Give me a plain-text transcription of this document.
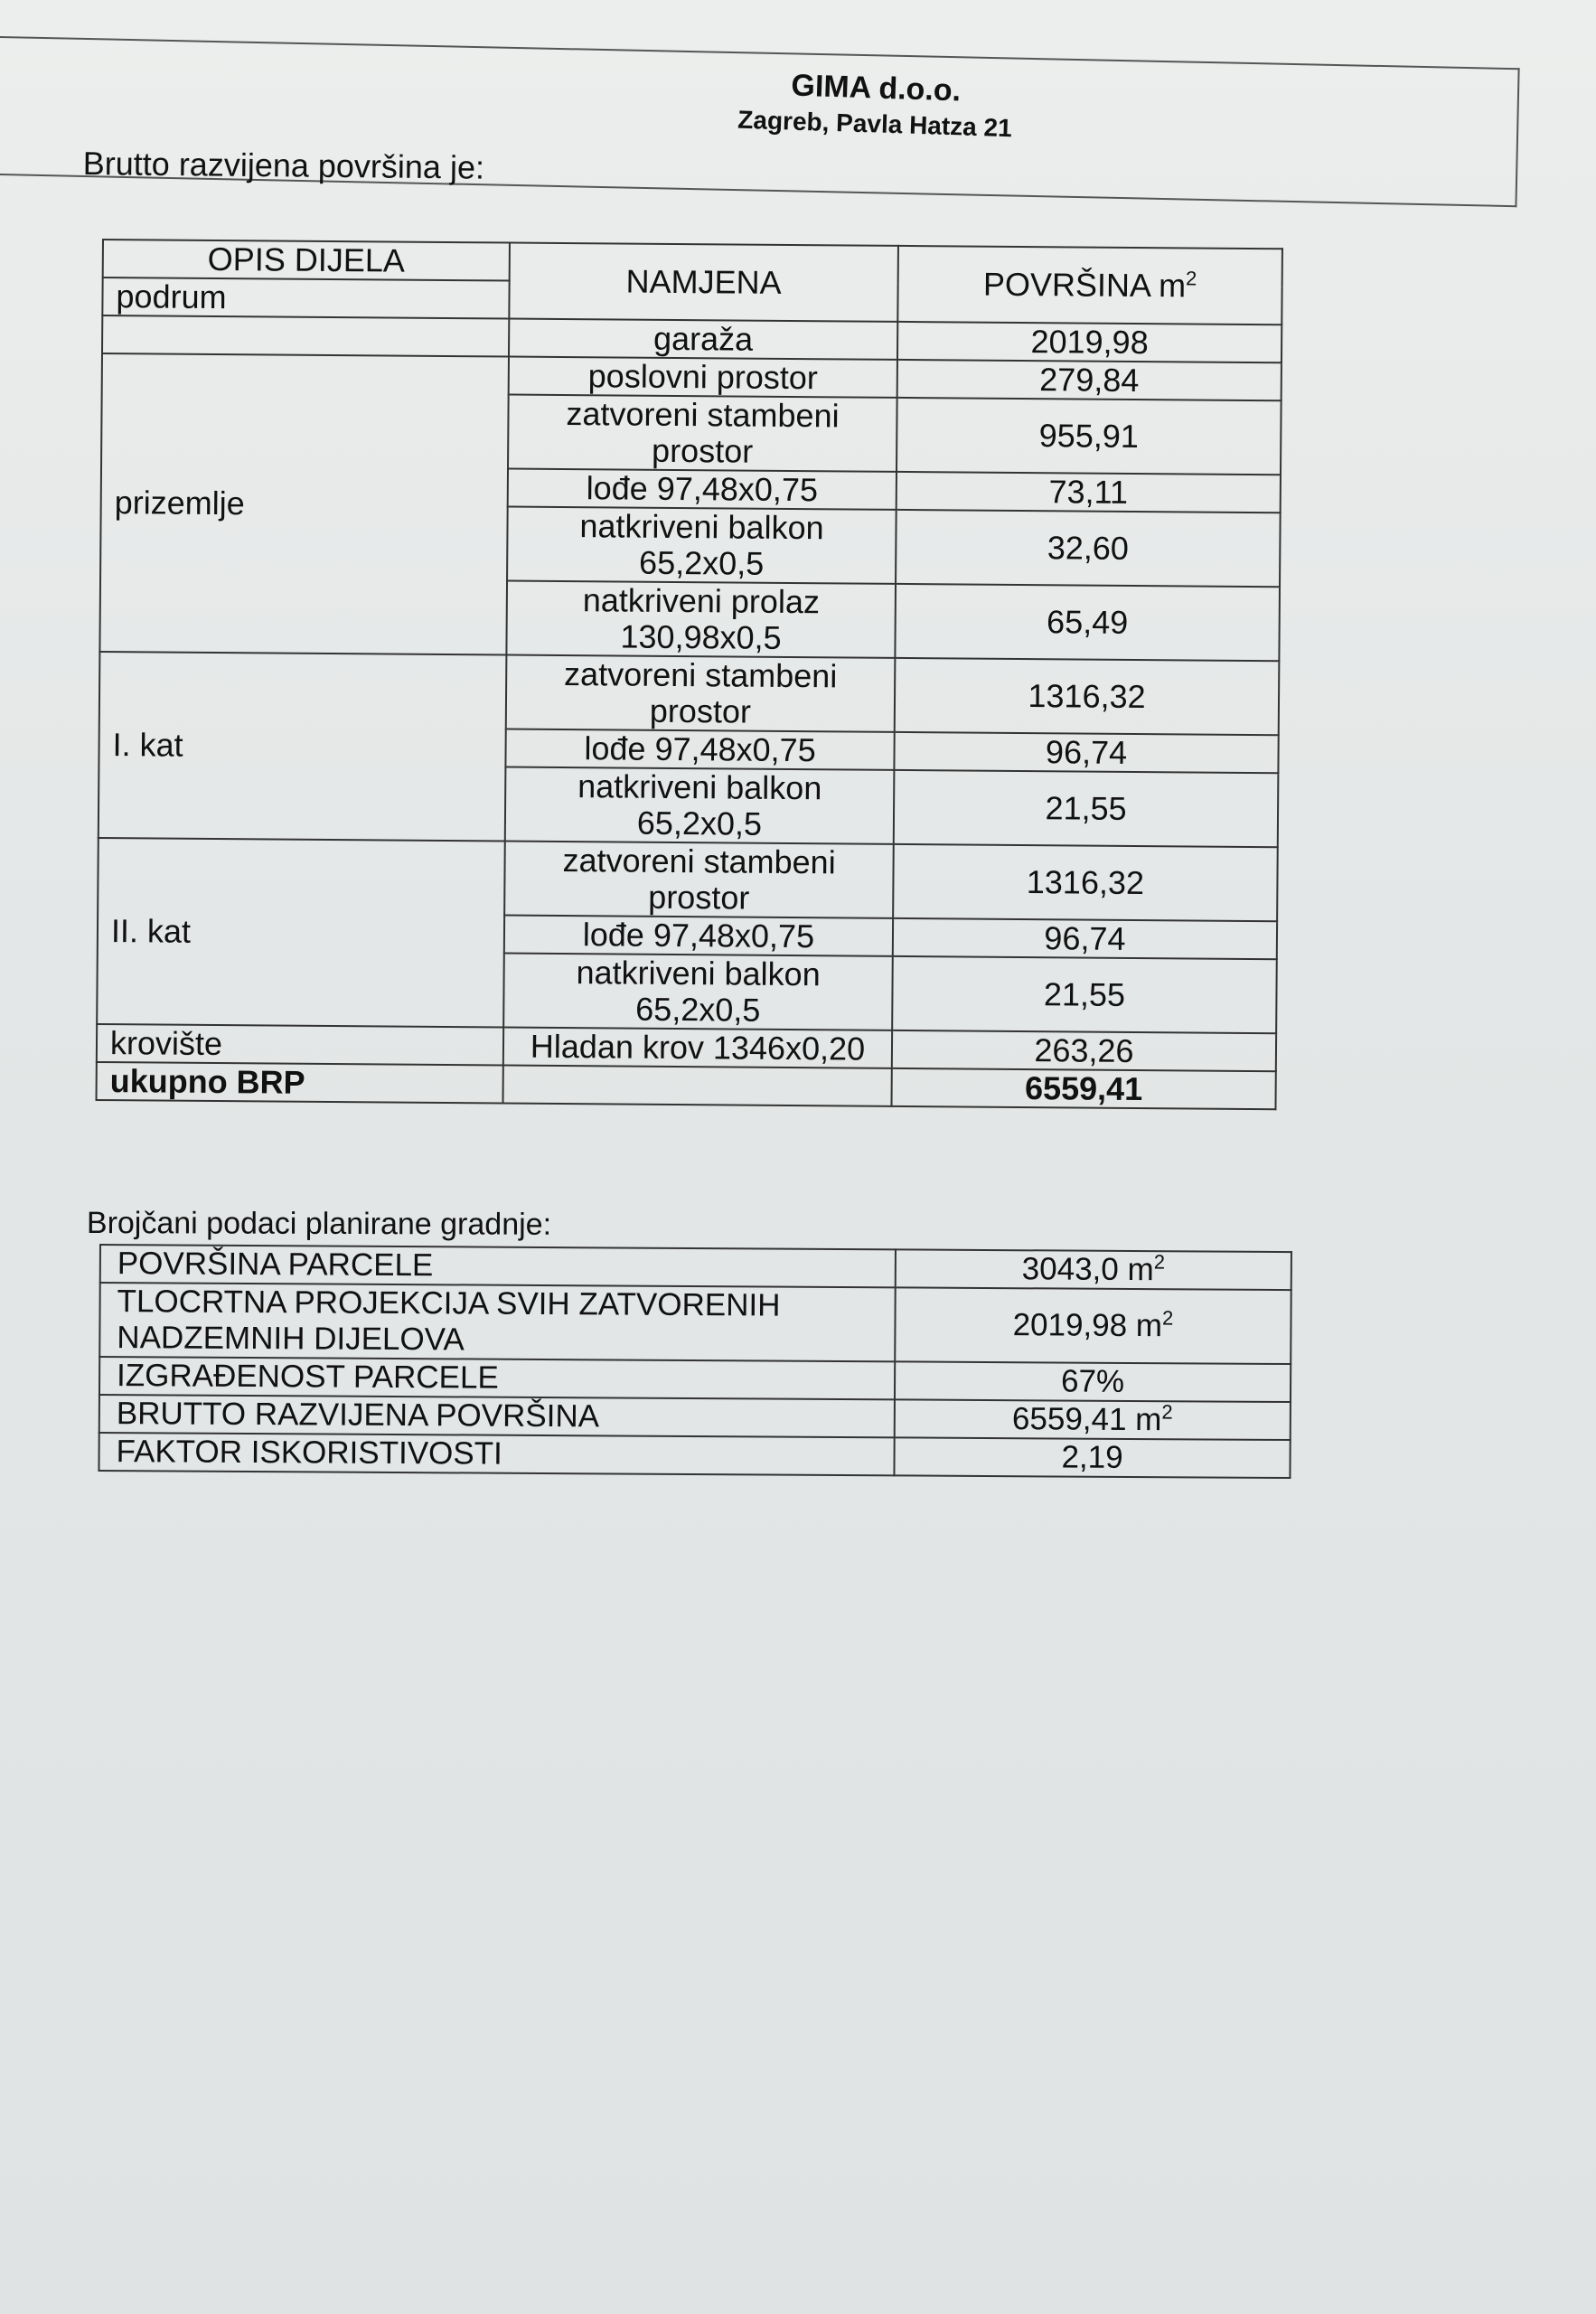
GIMA d.o.o.
Zagreb, Pavla Hatza 21
Brutto razvijena površina je:
OPIS DIJELA	NAMJENA	POVRŠINA $m^2$
podrum		
	garaža	2019,98
prizemlje	poslovni prostor	279,84
	zatvoreni stambeni prostor	955,91
	lođe 97,48x0,75	73,11
	natkriveni balkon 65,2x0,5	32,60
	natkriveni prolaz 130,98x0,5	65,49
I. kat	zatvoreni stambeni prostor	1316,32
	lođe 97,48x0,75	96,74
	natkriveni balkon 65,2x0,5	21,55
II. kat	zatvoreni stambeni prostor	1316,32
	lođe 97,48x0,75	96,74
	natkriveni balkon 65,2x0,5	21,55
krovište	Hladan krov 1346x0,20	263,26
ukupno BRP		6559,41
Brojčani podaci planirane gradnje:
POVRŠINA PARCELE	3043,0 $m^2$
TLOCRTNA PROJEKCIJA SVIH ZATVORENIH NADZEMNIH DIJELOVA	2019,98 $m^2$
IZGRAĐENOST PARCELE	67%
BRUTTO RAZVIJENA POVRŠINA	6559,41 $m^2$
FAKTOR ISKORISTIVOSTI	2,19
